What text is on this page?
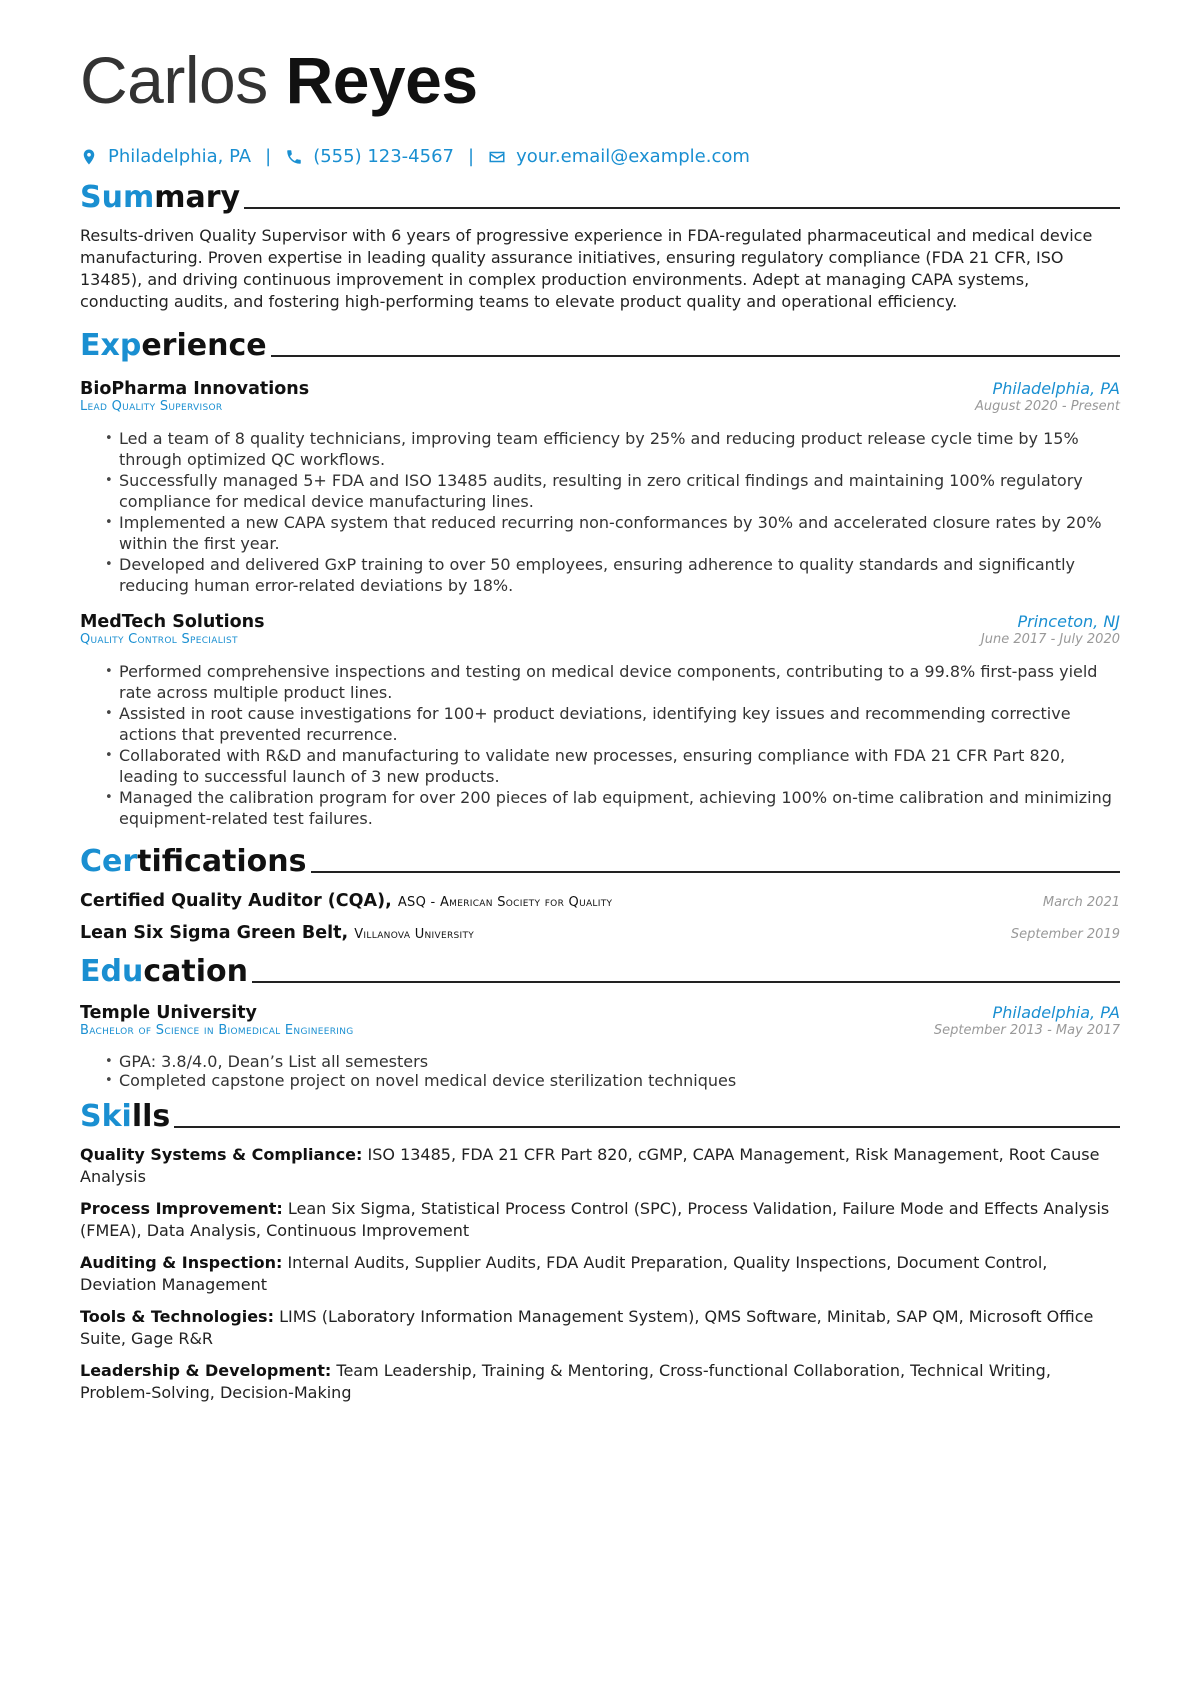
Carlos Reyes
Philadelphia, PA | (555) 123-4567 | your.email@example.com
Summary

Results-driven Quality Supervisor with 6 years of progressive experience in FDA-regulated pharmaceutical and medical device manufacturing. Proven expertise in leading quality assurance initiatives, ensuring regulatory compliance (FDA 21 CFR, ISO 13485), and driving continuous improvement in complex production environments. Adept at managing CAPA systems, conducting audits, and fostering high-performing teams to elevate product quality and operational efficiency.

Experience
BioPharma Innovations	Philadelphia, PA
Lead Quality Supervisor	August 2020 - Present
• Led a team of 8 quality technicians, improving team efficiency by 25% and reducing product release cycle time by 15% through optimized QC workflows.
• Successfully managed 5+ FDA and ISO 13485 audits, resulting in zero critical findings and maintaining 100% regulatory compliance for medical device manufacturing lines.
• Implemented a new CAPA system that reduced recurring non-conformances by 30% and accelerated closure rates by 20% within the first year.
• Developed and delivered GxP training to over 50 employees, ensuring adherence to quality standards and significantly reducing human error-related deviations by 18%.
MedTech Solutions	Princeton, NJ
Quality Control Specialist	June 2017 - July 2020
• Performed comprehensive inspections and testing on medical device components, contributing to a 99.8% first-pass yield rate across multiple product lines.
• Assisted in root cause investigations for 100+ product deviations, identifying key issues and recommending corrective actions that prevented recurrence.
• Collaborated with R&D and manufacturing to validate new processes, ensuring compliance with FDA 21 CFR Part 820, leading to successful launch of 3 new products.
• Managed the calibration program for over 200 pieces of lab equipment, achieving 100% on-time calibration and minimizing equipment-related test failures.
Certifications
Certified Quality Auditor (CQA), ASQ - American Society for Quality	March 2021
Lean Six Sigma Green Belt, Villanova University	September 2019
Education
Temple University	Philadelphia, PA
Bachelor of Science in Biomedical Engineering	September 2013 - May 2017
• GPA: 3.8/4.0, Dean’s List all semesters
• Completed capstone project on novel medical device sterilization techniques
Skills
Quality Systems & Compliance: ISO 13485, FDA 21 CFR Part 820, cGMP, CAPA Management, Risk Management, Root Cause Analysis
Process Improvement: Lean Six Sigma, Statistical Process Control (SPC), Process Validation, Failure Mode and Effects Analysis (FMEA), Data Analysis, Continuous Improvement
Auditing & Inspection: Internal Audits, Supplier Audits, FDA Audit Preparation, Quality Inspections, Document Control, Deviation Management
Tools & Technologies: LIMS (Laboratory Information Management System), QMS Software, Minitab, SAP QM, Microsoft Office Suite, Gage R&R
Leadership & Development: Team Leadership, Training & Mentoring, Cross-functional Collaboration, Technical Writing, Problem-Solving, Decision-Making
